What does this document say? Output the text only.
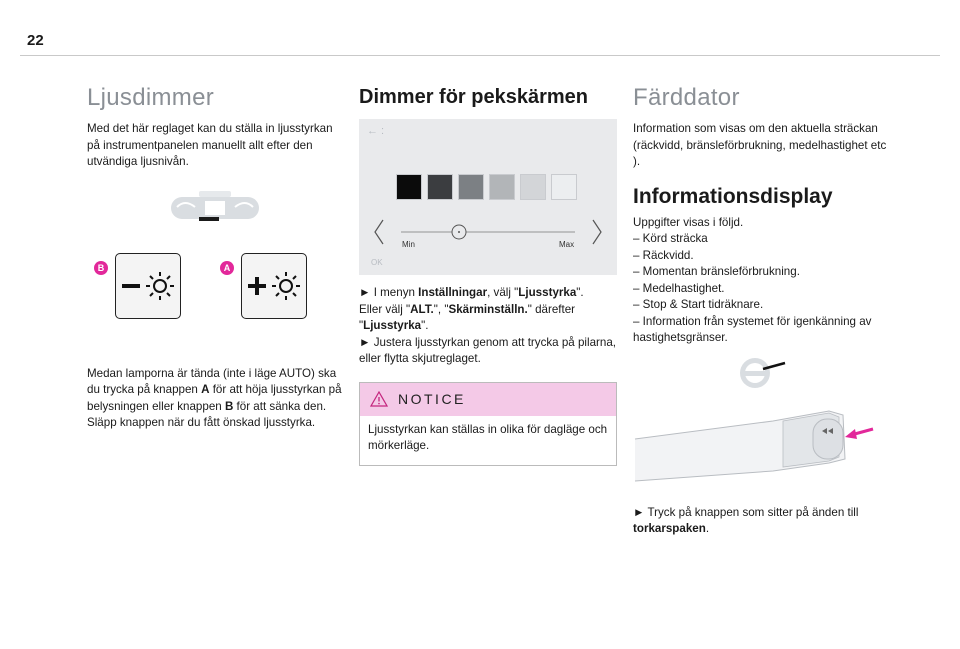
22
Ljusdimmer

Med det här reglaget kan du ställa in ljusstyrkan på instrumentpanelen manuellt allt efter den utvändiga ljusnivån.

B	A

Medan lamporna är tända (inte i läge AUTO) ska du trycka på knappen A för att höja ljusstyrkan på belysningen eller knappen B för att sänka den.
Släpp knappen när du fått önskad ljusstyrka.

Dimmer för pekskärmen
← :
Min	Max
OK

► I menyn Inställningar, välj "Ljusstyrka".
Eller välj "ALT.", "Skärminställn." därefter "Ljusstyrka".

► Justera ljusstyrkan genom att trycka på pilarna, eller flytta skjutreglaget.

NOTICE

Ljusstyrkan kan ställas in olika för dagläge och mörkerläge.

Färddator

Information som visas om den aktuella sträckan (räckvidd, bränsleförbrukning, medelhastighet etc ).

Informationsdisplay

Uppgifter visas i följd.

– Körd sträcka
– Räckvidd.
– Momentan bränsleförbrukning.
– Medelhastighet.
– Stop & Start tidräknare.
– Information från systemet för igenkänning av hastighetsgränser.

► Tryck på knappen som sitter på änden till torkarspaken.
